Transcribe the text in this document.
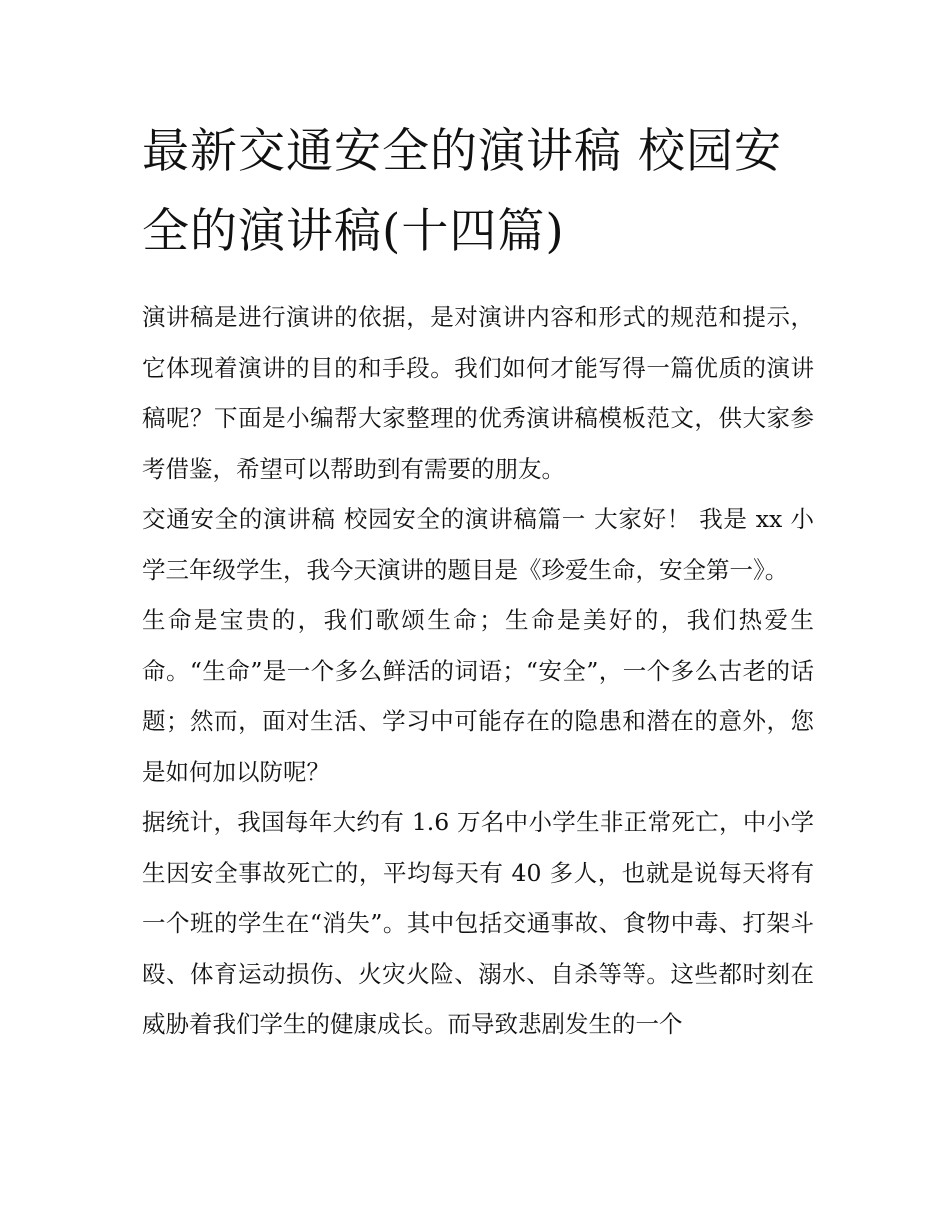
最新交通安全的演讲稿 校园安全的演讲稿(十四篇)

演讲稿是进行演讲的依据，是对演讲内容和形式的规范和提示，它体现着演讲的目的和手段。我们如何才能写得一篇优质的演讲稿呢？下面是小编帮大家整理的优秀演讲稿模板范文，供大家参考借鉴，希望可以帮助到有需要的朋友。

交通安全的演讲稿 校园安全的演讲稿篇一 大家好！ 我是 xx 小学三年级学生，我今天演讲的题目是《珍爱生命，安全第一》。

生命是宝贵的，我们歌颂生命；生命是美好的，我们热爱生命。“生命”是一个多么鲜活的词语；“安全”，一个多么古老的话题；然而，面对生活、学习中可能存在的隐患和潜在的意外，您是如何加以防呢？

据统计，我国每年大约有 1.6 万名中小学生非正常死亡，中小学生因安全事故死亡的，平均每天有 40 多人，也就是说每天将有一个班的学生在“消失”。其中包括交通事故、食物中毒、打架斗殴、体育运动损伤、火灾火险、溺水、自杀等等。这些都时刻在威胁着我们学生的健康成长。而导致悲剧发生的一个
